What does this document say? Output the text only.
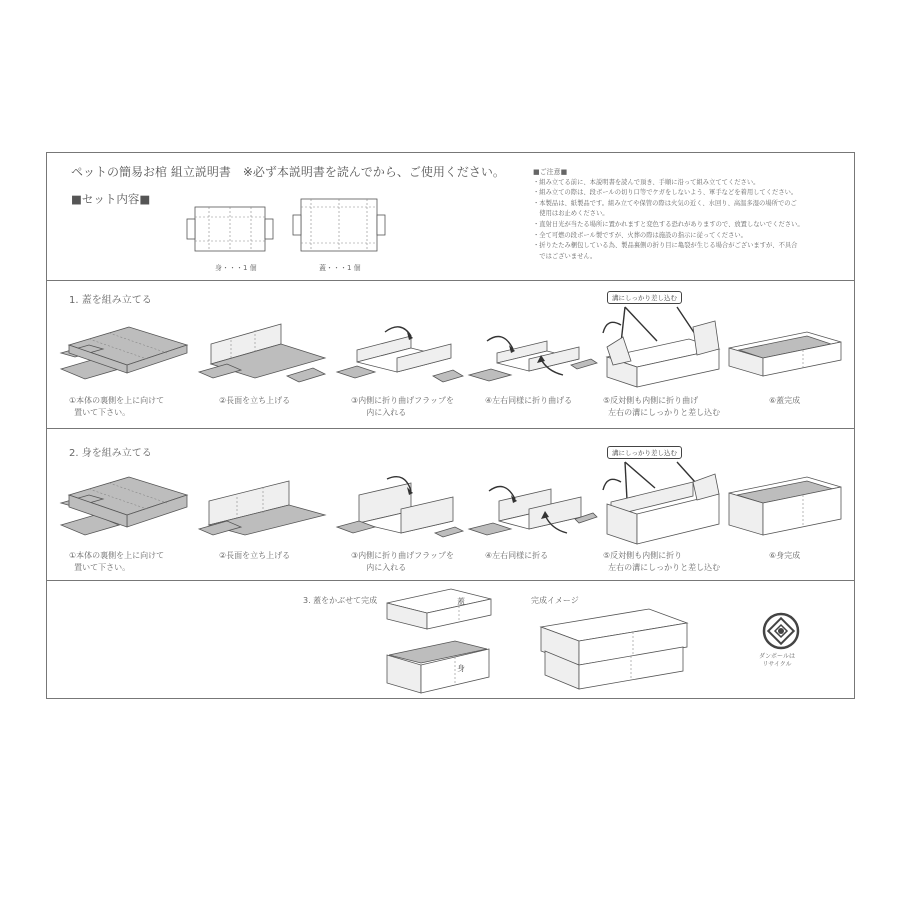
ペットの簡易お棺 組立説明書　※必ず本説明書を読んでから、ご使用ください。
■セット内容■
身・・・1 個	蓋・・・1 個
■ご注意■
・組み立てる前に、本説明書を読んで頂き、手順に沿って組み立ててください。
・組み立ての際は、段ボールの切り口等でケガをしないよう、軍手などを着用してください。
・本製品は、紙製品です。組み立てや保管の際は火気の近く、水回り、高温多湿の場所でのご
　使用はお止めください。
・直射日光が当たる場所に置かれますと変色する恐れがありますので、放置しないでください。
・全て可燃の段ボール製ですが、火葬の際は施設の指示に従ってください。
・折りたたみ梱包している為、製品裏側の折り目に亀裂が生じる場合がございますが、不具合
　ではございません。
1. 蓋を組み立てる
①本体の裏側を上に向けて
置いて下さい。
②長面を立ち上げる	③内側に折り曲げフラップを
内に入れる
④左右同様に折り曲げる
溝にしっかり差し込む
⑤反対側も内側に折り曲げ
左右の溝にしっかりと差し込む
⑥蓋完成
2. 身を組み立てる
①本体の裏側を上に向けて
置いて下さい。
②長面を立ち上げる	③内側に折り曲げフラップを
内に入れる
④左右同様に折る
溝にしっかり差し込む
⑤反対側も内側に折り
左右の溝にしっかりと差し込む
⑥身完成
3. 蓋をかぶせて完成	蓋
身
完成イメージ
ダンボールは
リサイクル
